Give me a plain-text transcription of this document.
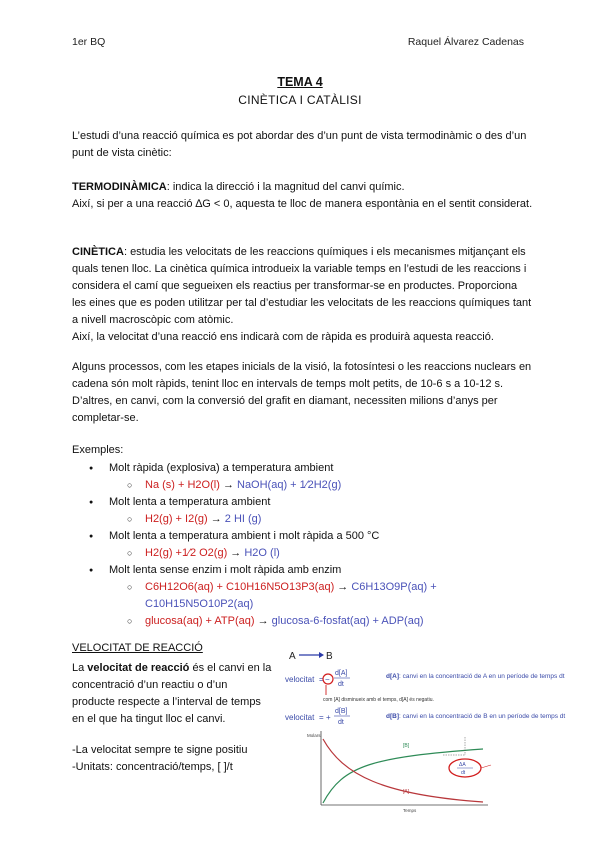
1er BQ	Raquel Álvarez Cadenas
TEMA 4
CINÈTICA I CATÀLISI

L’estudi d’una reacció química es pot abordar des d’un punt de vista termodinàmic o des d’un punt de vista cinètic:

TERMODINÀMICA: indica la direcció i la magnitud del canvi químic.
Així, si per a una reacció ∆G < 0, aquesta te lloc de manera espontània en el sentit considerat.

CINÈTICA: estudia les velocitats de les reaccions químiques i els mecanismes mitjançant els quals tenen lloc. La cinètica química introdueix la variable temps en l’estudi de les reaccions i considera el camí que segueixen els reactius per transformar-se en productes. Proporciona les eines que es poden utilitzar per tal d’estudiar les velocitats de les reaccions químiques tant a nivell macroscòpic com atòmic.
Així, la velocitat d’una reacció ens indicarà com de ràpida es produirà aquesta reacció.

Alguns processos, com les etapes inicials de la visió, la fotosíntesi o les reaccions nuclears en cadena són molt ràpids, tenint lloc en intervals de temps molt petits, de 10-6 s a 10-12 s. D’altres, en canvi, com la conversió del grafit en diamant, necessiten milions d’anys per completar-se.

Exemples:
● Molt ràpida (explosiva) a temperatura ambient
○ Na (s) + H2O(l) → NaOH(aq) + 1⁄2H2(g)
● Molt lenta a temperatura ambient
○ H2(g) + I2(g) → 2 HI (g)
● Molt lenta a temperatura ambient i molt ràpida a 500 °C
○ H2(g) +1⁄2 O2(g) → H2O (l)
● Molt lenta sense enzim i molt ràpida amb enzim
○ C6H12O6(aq) + C10H16N5O13P3(aq) → C6H13O9P(aq) + C10H15N5O10P2(aq)
○ glucosa(aq) + ATP(aq) → glucosa-6-fosfat(aq) + ADP(aq)
VELOCITAT DE REACCIÓ

La velocitat de reacció és el canvi en la concentració d’un reactiu o d’un producte respecte a l’interval de temps en el que ha tingut lloc el canvi.

-La velocitat sempre te signe positiu
-Unitats: concentració/temps, [ ]/t

A	B
velocitat = −
d[A]
dt
d[A]: canvi en la concentració de A en un període de temps dt
com [A] disminueix amb el temps, d[A] és negatiu.
velocitat = +
d[B]
dt
d[B]: canvi en la concentració de B en un període de temps dt
Molars
Temps
[B]
[A]
ΔA
dt
